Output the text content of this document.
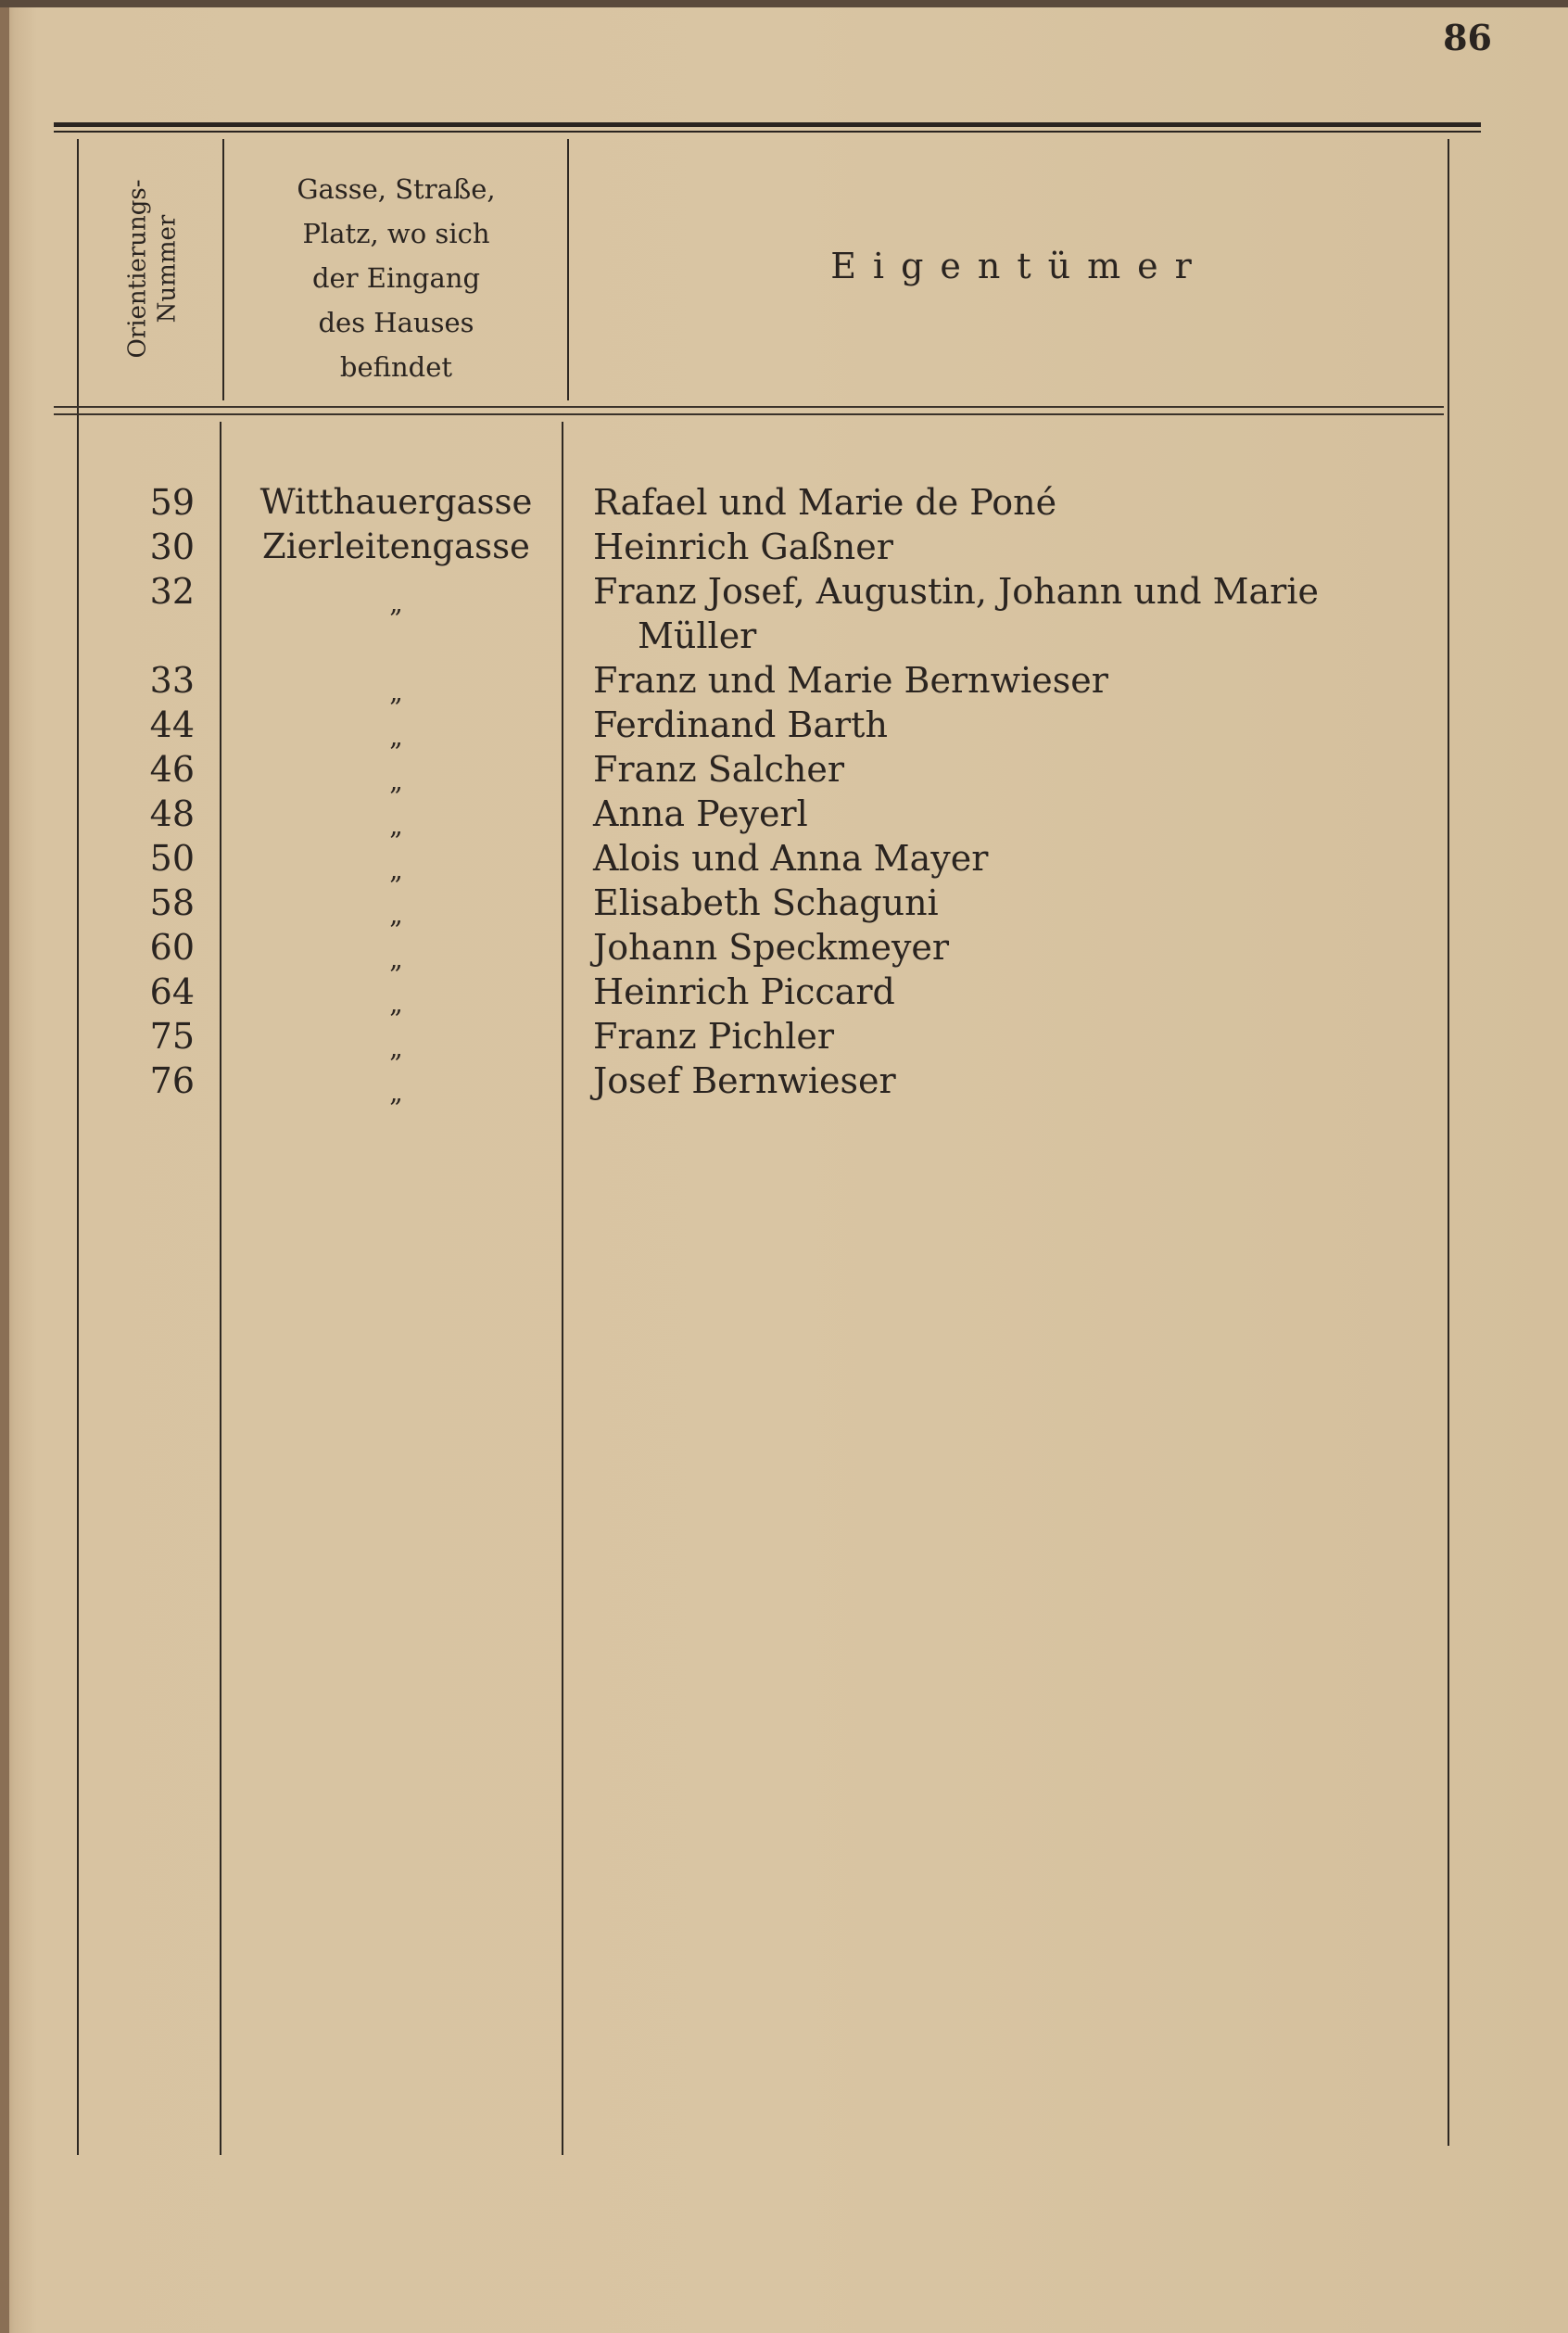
86
Orientierungs- Nummer
Gasse, Straße,
Platz, wo sich
der Eingang
des Hauses
befindet
Eigentümer
59	Witthauergasse	Rafael und Marie de Poné
30	Zierleitengasse	Heinrich Gaßner
32	$_„$	Franz Josef, Augustin, Johann und Marie
Müller
33	$_„$	Franz und Marie Bernwieser
44	$_„$	Ferdinand Barth
46	$_„$	Franz Salcher
48	$_„$	Anna Peyerl
50	$_„$	Alois und Anna Mayer
58	$_„$	Elisabeth Schaguni
60	$_„$	Johann Speckmeyer
64	$_„$	Heinrich Piccard
75	$_„$	Franz Pichler
76	$_„$	Josef Bernwieser
